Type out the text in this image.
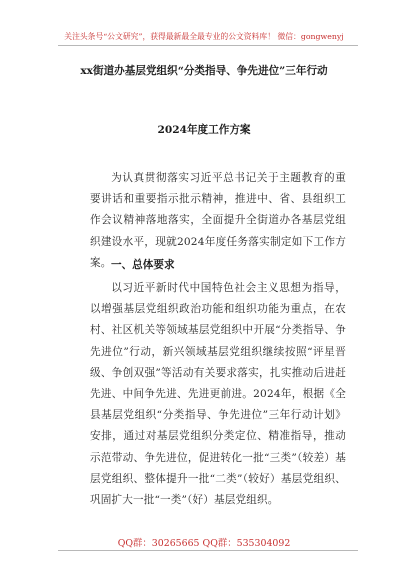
关注头条号“公文研究”，获得最新最全最专业的公文资料库！ 微信：gongwenyj
xx街道办基层党组织“分类指导、争先进位”三年行动
2024年度工作方案
为认真贯彻落实习近平总书记关于主题教育的重要讲话和重要指示批示精神，推进中、省、县组织工作会议精神落地落实，全面提升全街道办各基层党组织建设水平，现就2024年度任务落实制定如下工作方案。 一、总体要求
以习近平新时代中国特色社会主义思想为指导，以增强基层党组织政治功能和组织功能为重点，在农村、社区机关等领域基层党组织中开展“分类指导、争先进位”行动，新兴领域基层党组织继续按照“评星晋级、争创双强”等活动有关要求落实，扎实推动后进赶先进、中间争先进、先进更前进。2024年，根据《全县基层党组织“分类指导、争先进位”三年行动计划》安排，通过对基层党组织分类定位、精准指导，推动示范带动、争先进位，促进转化一批“三类”（较差）基层党组织、整体提升一批“二类”（较好）基层党组织、巩固扩大一批“一类”（好）基层党组织。
QQ群：30265665 QQ群：535304092
